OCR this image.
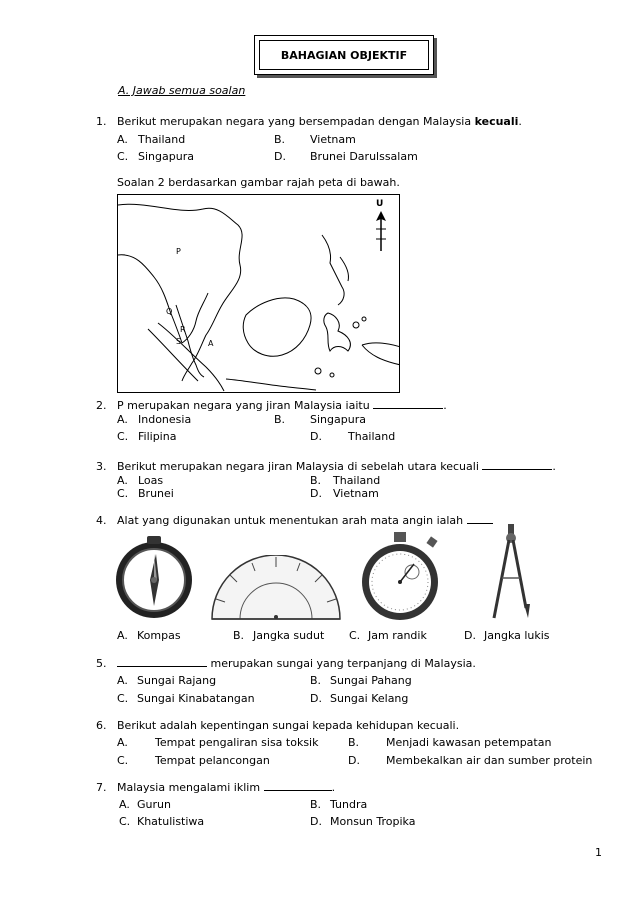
BAHAGIAN OBJEKTIF
A. Jawab semua soalan
1. Berikut merupakan negara yang bersempadan dengan Malaysia kecuali.
A. Thailand	B. Vietnam
C. Singapura	D. Brunei Darulssalam
Soalan 2 berdasarkan gambar rajah peta di bawah.
P
Q
R
S	A
U
2. P merupakan negara yang jiran Malaysia iaitu	.
A. Indonesia	B. Singapura
C. Filipina	D. Thailand
3. Berikut merupakan negara jiran Malaysia di sebelah utara kecuali	.
A. Loas	B. Thailand
C. Brunei	D. Vietnam
4. Alat yang digunakan untuk menentukan arah mata angin ialah
A. Kompas	B. Jangka sudut C. Jam randik	D. Jangka lukis
5.	merupakan sungai yang terpanjang di Malaysia.
A. Sungai Rajang	B. Sungai Pahang
C. Sungai Kinabatangan	D. Sungai Kelang
6. Berikut adalah kepentingan sungai kepada kehidupan kecuali.
A. Tempat pengaliran sisa toksik	B. Menjadi kawasan petempatan
C. Tempat pelancongan	D. Membekalkan air dan sumber protein
7. Malaysia mengalami iklim	.
A. Gurun	B. Tundra
C. Khatulistiwa	D. Monsun Tropika
1
